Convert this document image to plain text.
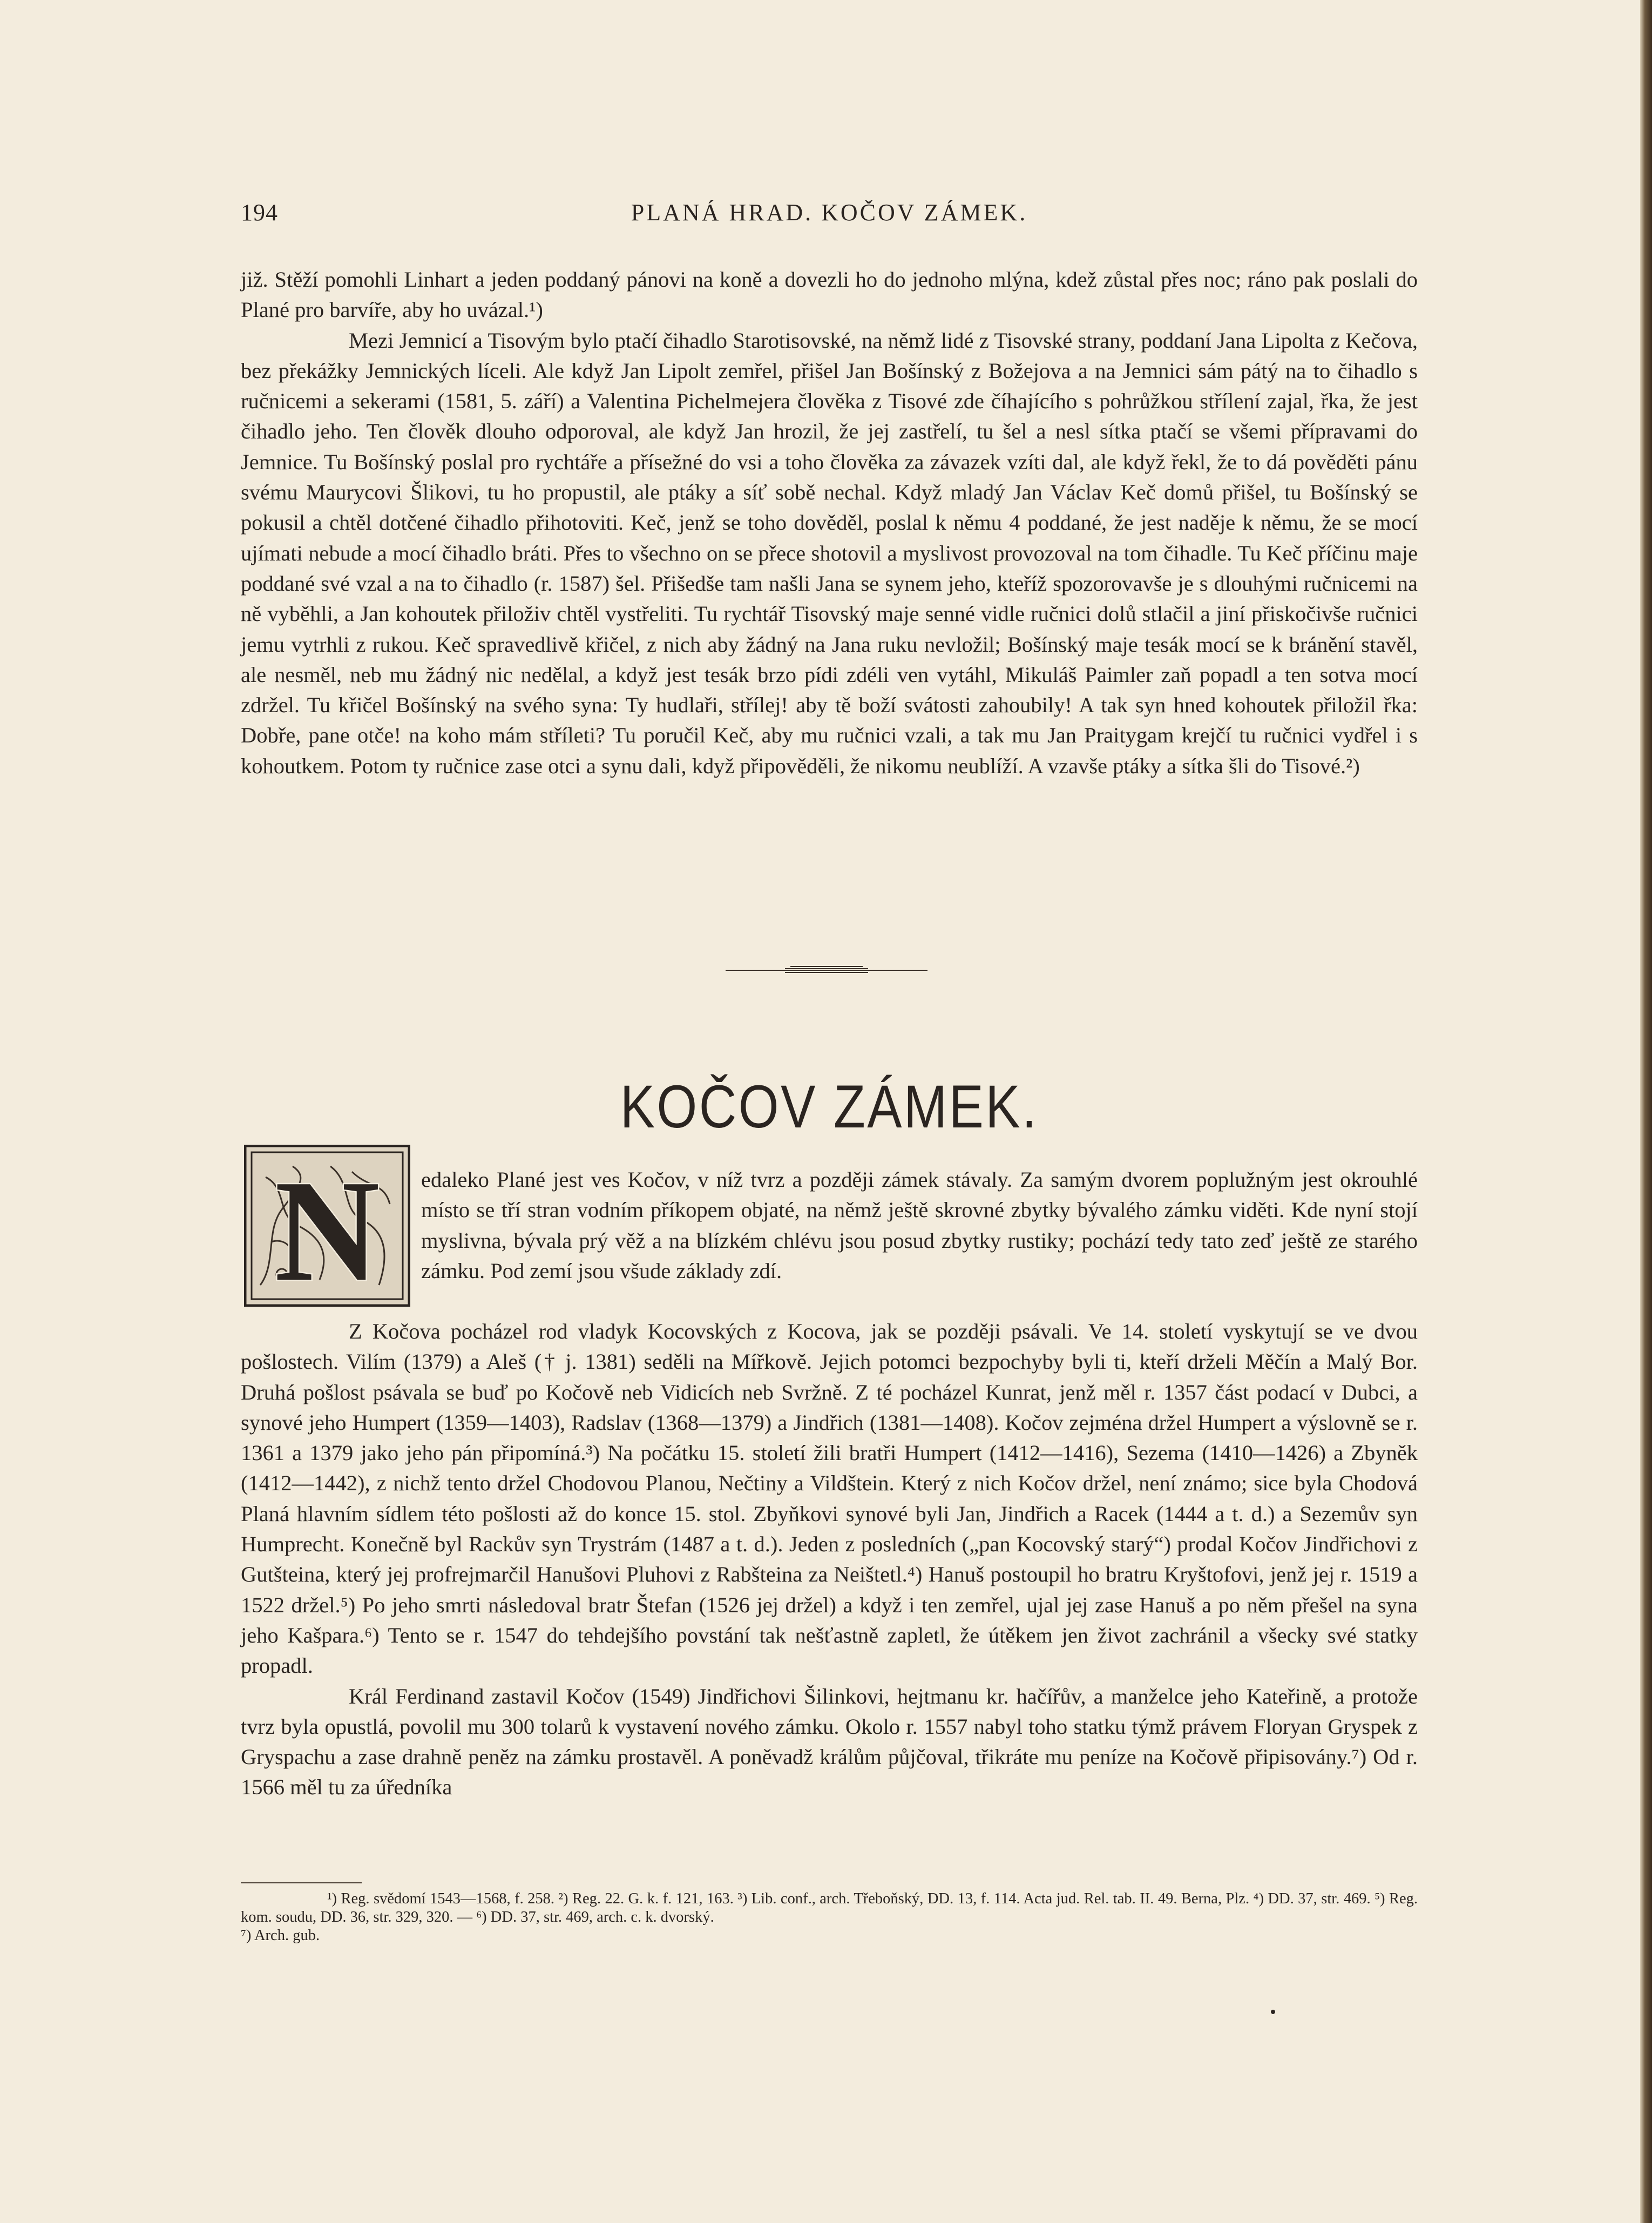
194	PLANÁ HRAD. KOČOV ZÁMEK.

již. Stěží pomohli Linhart a jeden poddaný pánovi na koně a dovezli ho do jednoho mlýna, kdež zůstal přes noc; ráno pak poslali do Plané pro barvíře, aby ho uvázal.¹)

Mezi Jemnicí a Tisovým bylo ptačí čihadlo Starotisovské, na němž lidé z Tisovské strany, poddaní Jana Lipolta z Kečova, bez překážky Jemnických líceli. Ale když Jan Lipolt zemřel, přišel Jan Bošínský z Božejova a na Jemnici sám pátý na to čihadlo s ručnicemi a sekerami (1581, 5. září) a Valentina Pichelmejera člověka z Tisové zde číhajícího s pohrůžkou střílení zajal, řka, že jest čihadlo jeho. Ten člověk dlouho odporoval, ale když Jan hrozil, že jej zastřelí, tu šel a nesl sítka ptačí se všemi přípravami do Jemnice. Tu Bošínský poslal pro rychtáře a přísežné do vsi a toho člověka za závazek vzíti dal, ale když řekl, že to dá pověděti pánu svému Maurycovi Šlikovi, tu ho propustil, ale ptáky a síť sobě nechal. Když mladý Jan Václav Keč domů přišel, tu Bošínský se pokusil a chtěl dotčené čihadlo přihotoviti. Keč, jenž se toho dověděl, poslal k němu 4 poddané, že jest naděje k němu, že se mocí ujímati nebude a mocí čihadlo bráti. Přes to všechno on se přece shotovil a myslivost provozoval na tom čihadle. Tu Keč příčinu maje poddané své vzal a na to čihadlo (r. 1587) šel. Přišedše tam našli Jana se synem jeho, kteříž spozorovavše je s dlouhými ručnicemi na ně vyběhli, a Jan kohoutek přiloživ chtěl vystřeliti. Tu rychtář Tisovský maje senné vidle ručnici dolů stlačil a jiní přiskočivše ručnici jemu vytrhli z rukou. Keč spravedlivě křičel, z nich aby žádný na Jana ruku nevložil; Bošínský maje tesák mocí se k bránění stavěl, ale nesměl, neb mu žádný nic nedělal, a když jest tesák brzo pídi zdéli ven vytáhl, Mikuláš Paimler zaň popadl a ten sotva mocí zdržel. Tu křičel Bošínský na svého syna: Ty hudlaři, střílej! aby tě boží svátosti zahoubily! A tak syn hned kohoutek přiložil řka: Dobře, pane otče! na koho mám stříleti? Tu poručil Keč, aby mu ručnici vzali, a tak mu Jan Praitygam krejčí tu ručnici vydřel i s kohoutkem. Potom ty ručnice zase otci a synu dali, když připověděli, že nikomu neublíží. A vzavše ptáky a sítka šli do Tisové.²)

KOČOV ZÁMEK.
N edaleko Plané jest ves Kočov, v níž tvrz a později zámek stávaly. Za samým dvorem poplužným jest okrouhlé místo se tří stran vodním příkopem objaté, na němž ještě skrovné zbytky bývalého zámku viděti. Kde nyní stojí myslivna, bývala prý věž a na blízkém chlévu jsou posud zbytky rustiky; pochází tedy tato zeď ještě ze starého zámku. Pod zemí jsou všude základy zdí.

Z Kočova pocházel rod vladyk Kocovských z Kocova, jak se později psávali. Ve 14. století vyskytují se ve dvou pošlostech. Vilím (1379) a Aleš († j. 1381) seděli na Mířkově. Jejich potomci bezpochyby byli ti, kteří drželi Měčín a Malý Bor. Druhá pošlost psávala se buď po Kočově neb Vidicích neb Svržně. Z té pocházel Kunrat, jenž měl r. 1357 část podací v Dubci, a synové jeho Humpert (1359—1403), Radslav (1368—1379) a Jindřich (1381—1408). Kočov zejména držel Humpert a výslovně se r. 1361 a 1379 jako jeho pán připomíná.³) Na počátku 15. století žili bratři Humpert (1412—1416), Sezema (1410—1426) a Zbyněk (1412—1442), z nichž tento držel Chodovou Planou, Nečtiny a Vildštein. Který z nich Kočov držel, není známo; sice byla Chodová Planá hlavním sídlem této pošlosti až do konce 15. stol. Zbyňkovi synové byli Jan, Jindřich a Racek (1444 a t. d.) a Sezemův syn Humprecht. Konečně byl Rackův syn Trystrám (1487 a t. d.). Jeden z posledních („pan Kocovský starý“) prodal Kočov Jindřichovi z Gutšteina, který jej profrejmarčil Hanušovi Pluhovi z Rabšteina za Neištetl.⁴) Hanuš postoupil ho bratru Kryštofovi, jenž jej r. 1519 a 1522 držel.⁵) Po jeho smrti následoval bratr Štefan (1526 jej držel) a když i ten zemřel, ujal jej zase Hanuš a po něm přešel na syna jeho Kašpara.⁶) Tento se r. 1547 do tehdejšího povstání tak nešťastně zapletl, že útěkem jen život zachránil a všecky své statky propadl.

Král Ferdinand zastavil Kočov (1549) Jindřichovi Šilinkovi, hejtmanu kr. hačířův, a manželce jeho Kateřině, a protože tvrz byla opustlá, povolil mu 300 tolarů k vystavení nového zámku. Okolo r. 1557 nabyl toho statku týmž právem Floryan Gryspek z Gryspachu a zase drahně peněz na zámku prostavěl. A poněvadž králům půjčoval, třikráte mu peníze na Kočově připisovány.⁷) Od r. 1566 měl tu za úředníka

¹) Reg. svědomí 1543—1568, f. 258. ²) Reg. 22. G. k. f. 121, 163. ³) Lib. conf., arch. Třeboňský, DD. 13, f. 114. Acta jud. Rel. tab. II. 49. Berna, Plz. ⁴) DD. 37, str. 469. ⁵) Reg. kom. soudu, DD. 36, str. 329, 320. — ⁶) DD. 37, str. 469, arch. c. k. dvorský.

⁷) Arch. gub.
